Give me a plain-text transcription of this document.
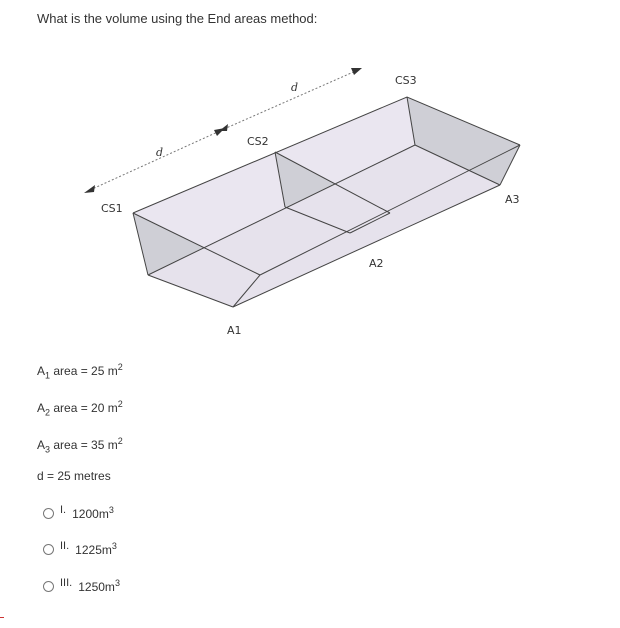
What is the volume using the End areas method:
CS1
CS2
CS3
d
d
A1
A2
A3
$A_1$ area = 25 $m^2$
$A_2$ area = 20 $m^2$
$A_3$ area = 35 $m^2$
d = 25 metres
I. $1200m^3$
II. $1225m^3$
III. $1250m^3$
